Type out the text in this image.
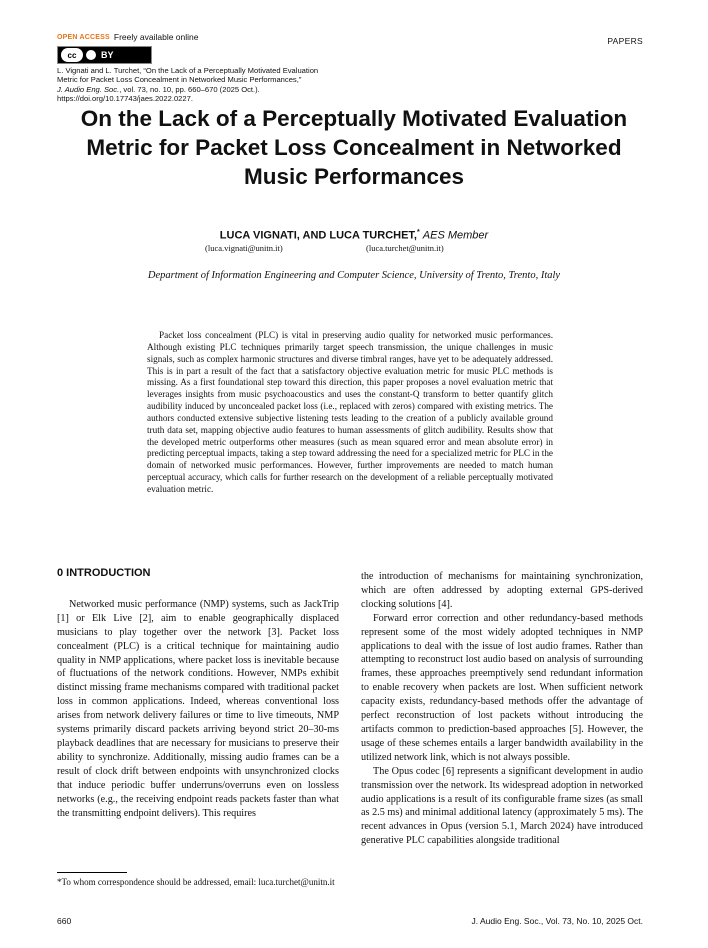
OPEN ACCESS Freely available online
cc	BY
PAPERS
L. Vignati and L. Turchet, “On the Lack of a Perceptually Motivated Evaluation
Metric for Packet Loss Concealment in Networked Music Performances,”
J. Audio Eng. Soc., vol. 73, no. 10, pp. 660–670 (2025 Oct.).
https://doi.org/10.17743/jaes.2022.0227.
On the Lack of a Perceptually Motivated Evaluation
Metric for Packet Loss Concealment in Networked
Music Performances
LUCA VIGNATI, AND LUCA TURCHET,* AES Member
(luca.vignati@unitn.it)	(luca.turchet@unitn.it)
Department of Information Engineering and Computer Science, University of Trento, Trento, Italy
Packet loss concealment (PLC) is vital in preserving audio quality for networked music performances. Although existing PLC techniques primarily target speech transmission, the unique challenges in music signals, such as complex harmonic structures and diverse timbral ranges, have yet to be adequately addressed. This is in part a result of the fact that a satisfactory objective evaluation metric for music PLC methods is missing. As a first foundational step toward this direction, this paper proposes a novel evaluation metric that leverages insights from music psychoacoustics and uses the constant-Q transform to better quantify glitch audibility induced by unconcealed packet loss (i.e., replaced with zeros) compared with existing metrics. The authors conducted extensive subjective listening tests leading to the creation of a publicly available ground truth data set, mapping objective audio features to human assessments of glitch audibility. Results show that the developed metric outperforms other measures (such as mean squared error and mean absolute error) in predicting perceptual impacts, taking a step toward addressing the need for a specialized metric for PLC in the domain of networked music performances. However, further improvements are needed to match human perceptual accuracy, which calls for further research on the development of a reliable perceptually motivated evaluation metric.
0 INTRODUCTION

Networked music performance (NMP) systems, such as JackTrip [1] or Elk Live [2], aim to enable geographically displaced musicians to play together over the network [3]. Packet loss concealment (PLC) is a critical technique for maintaining audio quality in NMP applications, where packet loss is inevitable because of fluctuations of the network conditions. However, NMPs exhibit distinct missing frame mechanisms compared with traditional packet loss in common applications. Indeed, whereas conventional loss arises from network delivery failures or time to live timeouts, NMP systems primarily discard packets arriving beyond strict 20–30-ms playback deadlines that are necessary for musicians to preserve their ability to synchronize. Additionally, missing audio frames can be a result of clock drift between endpoints with unsynchronized clocks that induce periodic buffer underruns/overruns even on lossless networks (e.g., the receiving endpoint reads packets faster than what the transmitting endpoint delivers). This requires

the introduction of mechanisms for maintaining synchronization, which are often addressed by adopting external GPS-derived clocking solutions [4].

Forward error correction and other redundancy-based methods represent some of the most widely adopted techniques in NMP applications to deal with the issue of lost audio frames. Rather than attempting to reconstruct lost audio based on analysis of surrounding frames, these approaches preemptively send redundant information to enable recovery when packets are lost. When sufficient network capacity exists, redundancy-based methods offer the advantage of perfect reconstruction of lost packets without introducing the artifacts common to prediction-based approaches [5]. However, the usage of these schemes entails a larger bandwidth availability in the utilized network link, which is not always possible.

The Opus codec [6] represents a significant development in audio transmission over the network. Its widespread adoption in networked audio applications is a result of its configurable frame sizes (as small as 2.5 ms) and minimal additional latency (approximately 5 ms). The recent advances in Opus (version 5.1, March 2024) have introduced generative PLC capabilities alongside traditional

*To whom correspondence should be addressed, email: luca.turchet@unitn.it
660	J. Audio Eng. Soc., Vol. 73, No. 10, 2025 Oct.
